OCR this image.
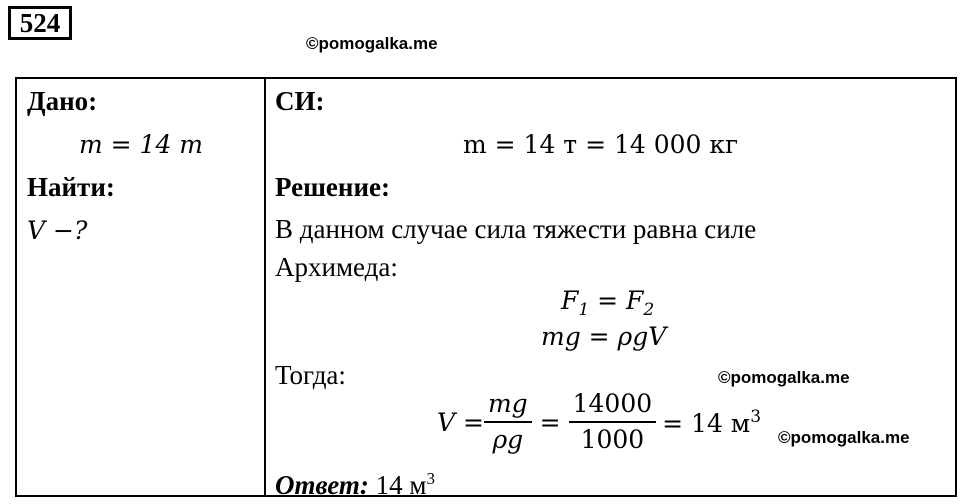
524
©pomogalka.me
Дано:
m = 14 т
Найти:
V −?
СИ:
m = 14 т = 14 000 кг
Решение:
В данном случае сила тяжести равна силе
Архимеда:
$F_1 = F_2$
mg = ρgV
Тогда:
$V = \frac{mg}{\rho g} = \frac{14000}{1000} = 14$ $м^3$
Ответ: 14 $м^3$
©pomogalka.me
©pomogalka.me
